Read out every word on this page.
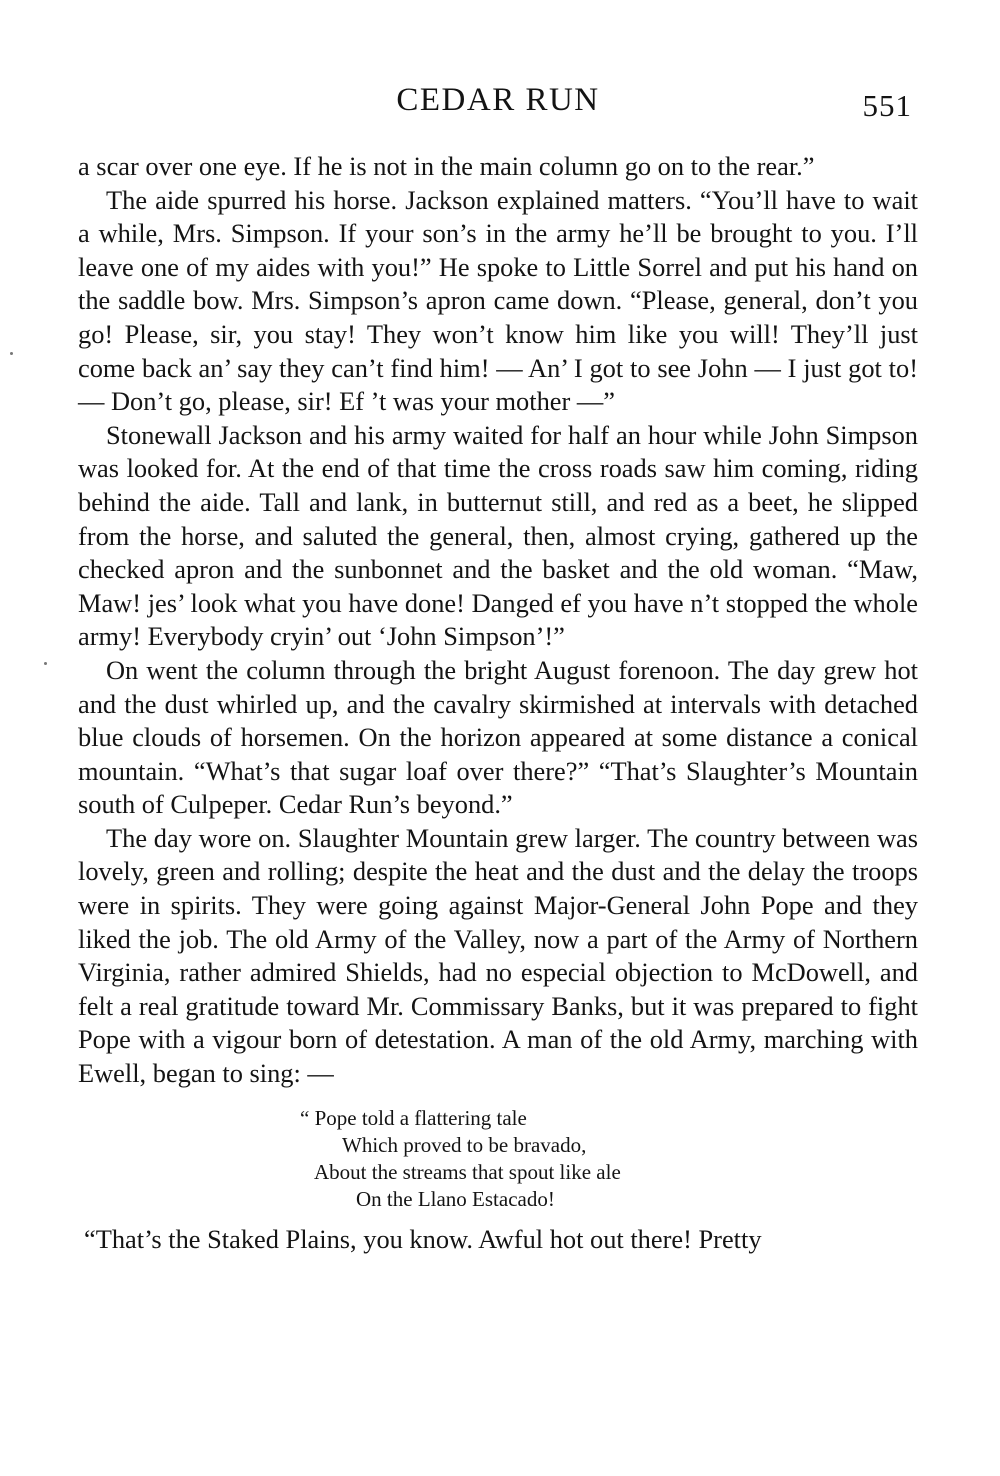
CEDAR RUN	551

a scar over one eye. If he is not in the main column go on to the rear.”

The aide spurred his horse. Jackson explained matters. “You’ll have to wait a while, Mrs. Simpson. If your son’s in the army he’ll be brought to you. I’ll leave one of my aides with you!” He spoke to Little Sorrel and put his hand on the saddle bow. Mrs. Simpson’s apron came down. “Please, general, don’t you go! Please, sir, you stay! They won’t know him like you will! They’ll just come back an’ say they can’t find him! — An’ I got to see John — I just got to! — Don’t go, please, sir! Ef ’t was your mother —”

Stonewall Jackson and his army waited for half an hour while John Simpson was looked for. At the end of that time the cross roads saw him coming, riding behind the aide. Tall and lank, in butternut still, and red as a beet, he slipped from the horse, and saluted the general, then, almost crying, gathered up the checked apron and the sunbonnet and the basket and the old woman. “Maw, Maw! jes’ look what you have done! Danged ef you have n’t stopped the whole army! Everybody cryin’ out ‘John Simpson’!”

On went the column through the bright August forenoon. The day grew hot and the dust whirled up, and the cavalry skirmished at intervals with detached blue clouds of horsemen. On the horizon appeared at some distance a conical mountain. “What’s that sugar loaf over there?” “That’s Slaughter’s Mountain south of Culpeper. Cedar Run’s beyond.”

The day wore on. Slaughter Mountain grew larger. The country between was lovely, green and rolling; despite the heat and the dust and the delay the troops were in spirits. They were going against Major-General John Pope and they liked the job. The old Army of the Valley, now a part of the Army of Northern Virginia, rather admired Shields, had no especial objection to McDowell, and felt a real gratitude toward Mr. Commissary Banks, but it was prepared to fight Pope with a vigour born of detestation. A man of the old Army, marching with Ewell, began to sing: —

“ Pope told a flattering tale
Which proved to be bravado,
About the streams that spout like ale
On the Llano Estacado!

“That’s the Staked Plains, you know. Awful hot out there! Pretty
